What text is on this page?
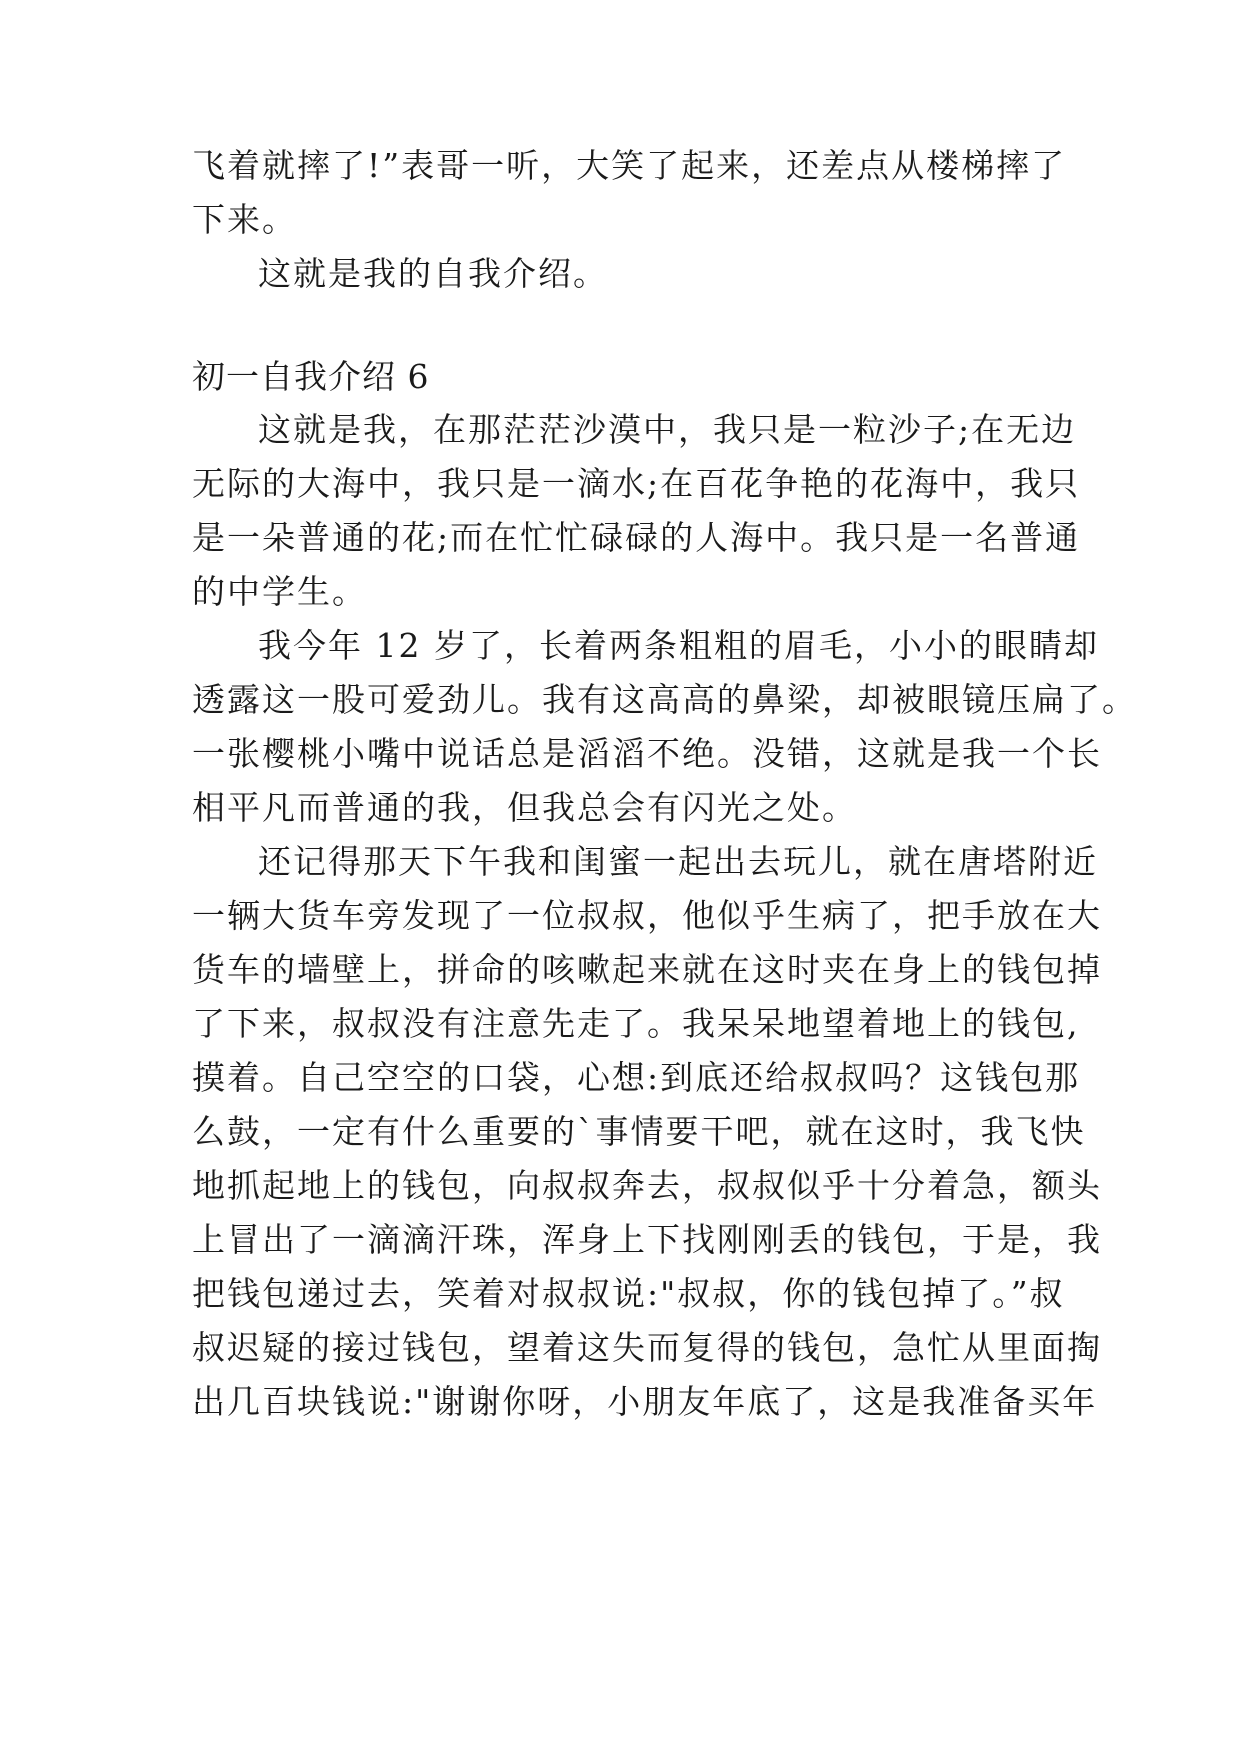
飞着就摔了!”表哥一听，大笑了起来，还差点从楼梯摔了

下来。

这就是我的自我介绍。

初一自我介绍 6

这就是我，在那茫茫沙漠中，我只是一粒沙子;在无边

无际的大海中，我只是一滴水;在百花争艳的花海中，我只

是一朵普通的花;而在忙忙碌碌的人海中。我只是一名普通

的中学生。

我今年 12 岁了，长着两条粗粗的眉毛，小小的眼睛却

透露这一股可爱劲儿。我有这高高的鼻梁，却被眼镜压扁了。

一张樱桃小嘴中说话总是滔滔不绝。没错，这就是我一个长

相平凡而普通的我，但我总会有闪光之处。

还记得那天下午我和闺蜜一起出去玩儿，就在唐塔附近

一辆大货车旁发现了一位叔叔，他似乎生病了，把手放在大

货车的墙壁上，拼命的咳嗽起来就在这时夹在身上的钱包掉

了下来，叔叔没有注意先走了。我呆呆地望着地上的钱包,

摸着。自己空空的口袋，心想:到底还给叔叔吗？这钱包那

么鼓，一定有什么重要的`事情要干吧，就在这时，我飞快

地抓起地上的钱包，向叔叔奔去，叔叔似乎十分着急，额头

上冒出了一滴滴汗珠，浑身上下找刚刚丢的钱包，于是，我

把钱包递过去，笑着对叔叔说:"叔叔，你的钱包掉了。”叔

叔迟疑的接过钱包，望着这失而复得的钱包，急忙从里面掏

出几百块钱说:"谢谢你呀，小朋友年底了，这是我准备买年
